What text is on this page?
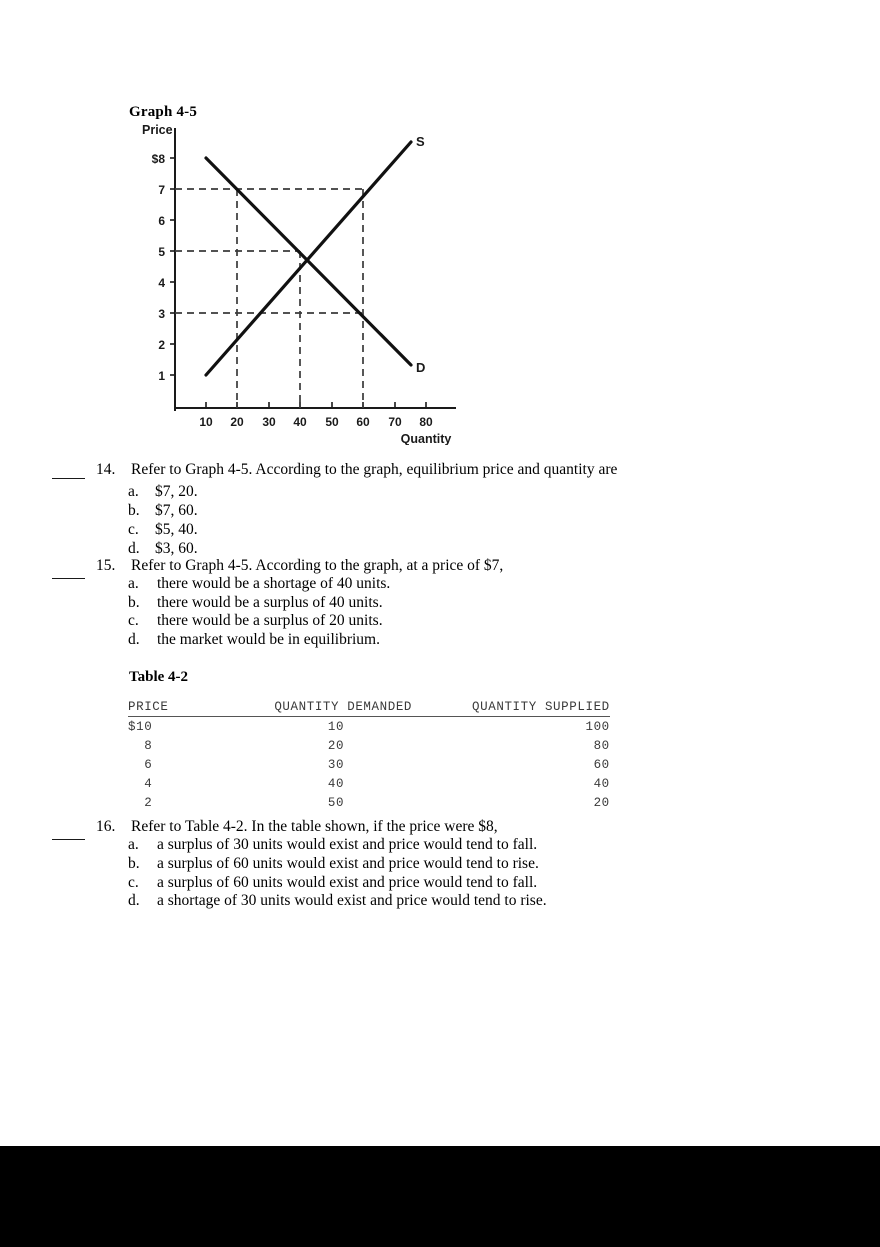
Graph 4-5
$8
7
6
5
4
3
2
1
10 20 30 40 50 60 70 80
Price
Quantity
S
D
14. Refer to Graph 4-5. According to the graph, equilibrium price and quantity are
a. $7, 20.
b. $7, 60.
c. $5, 40.
d. $3, 60.
15. Refer to Graph 4-5. According to the graph, at a price of $7,
a. there would be a shortage of 40 units.
b. there would be a surplus of 40 units.
c. there would be a surplus of 20 units.
d. the market would be in equilibrium.
Table 4-2
PRICE	QUANTITY DEMANDED	QUANTITY SUPPLIED
$10	10	100
8	20	80
6	30	60
4	40	40
2	50	20
16. Refer to Table 4-2. In the table shown, if the price were $8,
a. a surplus of 30 units would exist and price would tend to fall.
b. a surplus of 60 units would exist and price would tend to rise.
c. a surplus of 60 units would exist and price would tend to fall.
d. a shortage of 30 units would exist and price would tend to rise.
